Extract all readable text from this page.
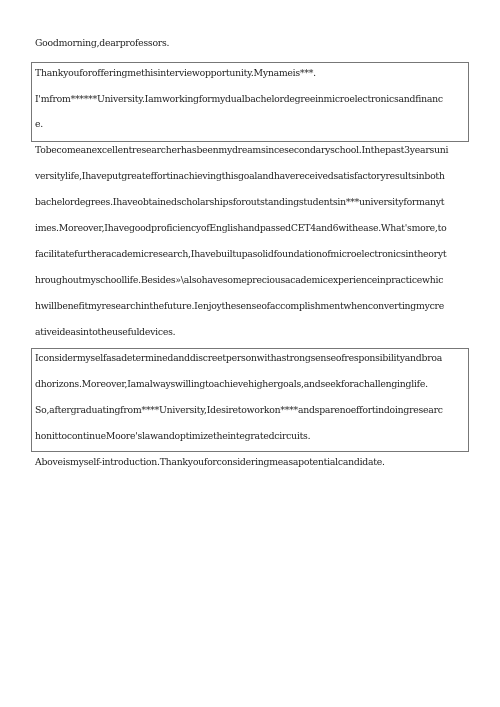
Goodmorning,dearprofessors.
Thankyouforofferingmethisinterviewopportunity.Mynameis***.
I'mfrom******University.Iamworkingformydualbachelordegreeinmicroelectronicsandfinanc
e.
Tobecomeanexcellentresearcherhasbeenmydreamsincesecondaryschool.Inthepast3yearsuni
versitylife,Ihaveputgreateffortinachievingthisgoalandhavereceivedsatisfactoryresultsinboth
bachelordegrees.Ihaveobtainedscholarshipsforoutstandingstudentsin***universityformanyt
imes.Moreover,IhavegoodproficiencyofEnglishandpassedCET4and6withease.What'smore,to
facilitatefurtheracademicresearch,Ihavebuiltupasolidfoundationofmicroelectronicsintheoryt
hroughoutmyschoollife.Besides»\alsohavesomepreciousacademicexperienceinpracticewhic
hwillbenefitmyresearchinthefuture.Ienjoythesenseofaccomplishmentwhenconvertingmycre
ativeideasintotheusefuldevices.
Iconsidermyselfasadeterminedanddiscreetpersonwithastrongsenseofresponsibilityandbroa
dhorizons.Moreover,Iamalwayswillingtoachievehighergoals,andseekforachallenginglife.
So,aftergraduatingfrom****University,Idesiretoworkon****andsparenoeffortindoingresearc
honittocontinueMoore'slawandoptimizetheintegratedcircuits.
Aboveismyself-introduction.Thankyouforconsideringmeasapotentialcandidate.
